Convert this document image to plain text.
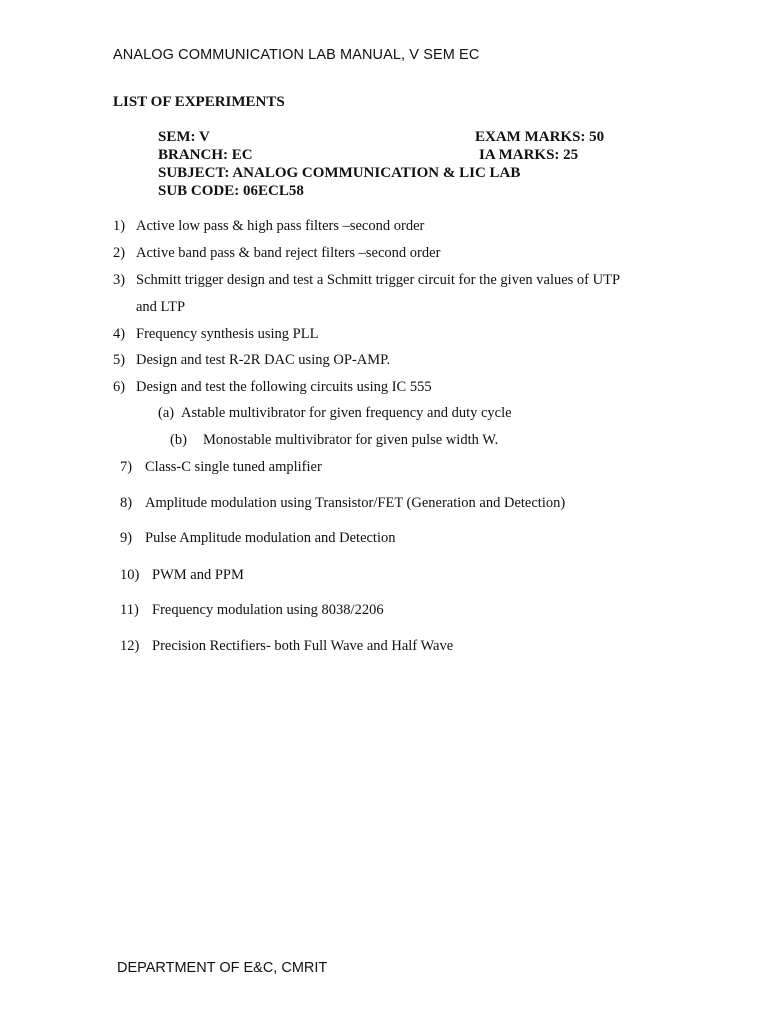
ANALOG COMMUNICATION LAB MANUAL, V SEM EC
LIST OF EXPERIMENTS
SEM: V	EXAM MARKS: 50
BRANCH: EC	IA MARKS: 25
SUBJECT: ANALOG COMMUNICATION & LIC LAB
SUB CODE: 06ECL58
1) Active low pass & high pass filters –second order
2) Active band pass & band reject filters –second order
3) Schmitt trigger design and test a Schmitt trigger circuit for the given values of UTP
and LTP
4) Frequency synthesis using PLL
5) Design and test R-2R DAC using OP-AMP.
6) Design and test the following circuits using IC 555
(a) Astable multivibrator for given frequency and duty cycle
(b) Monostable multivibrator for given pulse width W.
7) Class-C single tuned amplifier
8) Amplitude modulation using Transistor/FET (Generation and Detection)
9) Pulse Amplitude modulation and Detection
10) PWM and PPM
11) Frequency modulation using 8038/2206
12) Precision Rectifiers- both Full Wave and Half Wave
DEPARTMENT OF E&C, CMRIT
